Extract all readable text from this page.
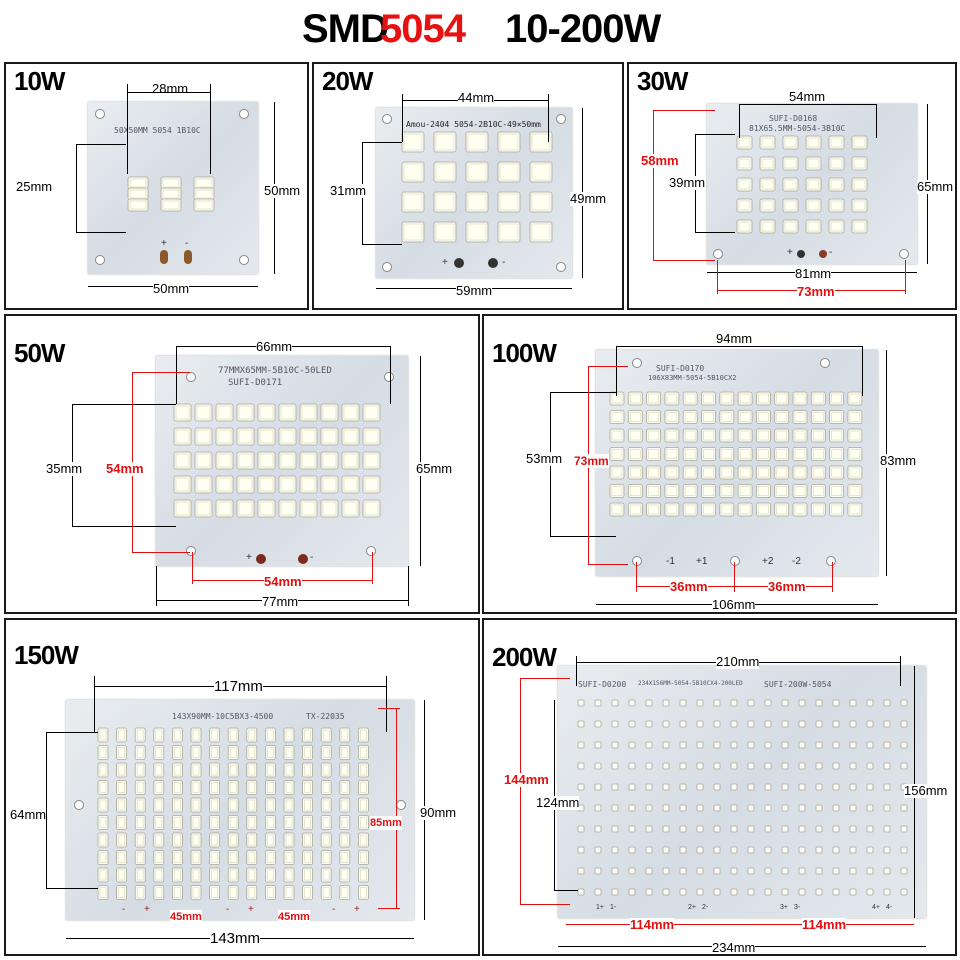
SMD
5054 10-200W
10W
50X50MM 5054 1B10C
+ -
28mm
25mm	50mm
50mm
20W
Amou-2404 5054-2B10C-49×50mm
+	-
44mm
31mm
49mm
59mm
30W
SUFI-D0168
81X65.5MM-5054-3B10C
+	-
54mm
58mm
39mm	65mm
81mm
73mm
50W
77MMX65MM-5B10C-50LED
SUFI-D0171
+	-
66mm
35mm 54mm	65mm
54mm
77mm
100W
SUFI-D0170
106X83MM-5054-5B10CX2
-1 +1	+2 -2
94mm
53mm 73mm	83mm
36mm	36mm
106mm
150W
143X90MM-10C5BX3-4500	TX-22035
- +	- +	- +
117mm
64mm
85mm
90mm
45mm	45mm
143mm
200W
SUFI-D0200 234X156MM-5054-5B10CX4-200LED	SUFI-200W-5054
1+ 1-	2+ 2-	3+ 3-	4+ 4-
210mm
144mm
124mm
156mm
114mm	114mm
234mm
